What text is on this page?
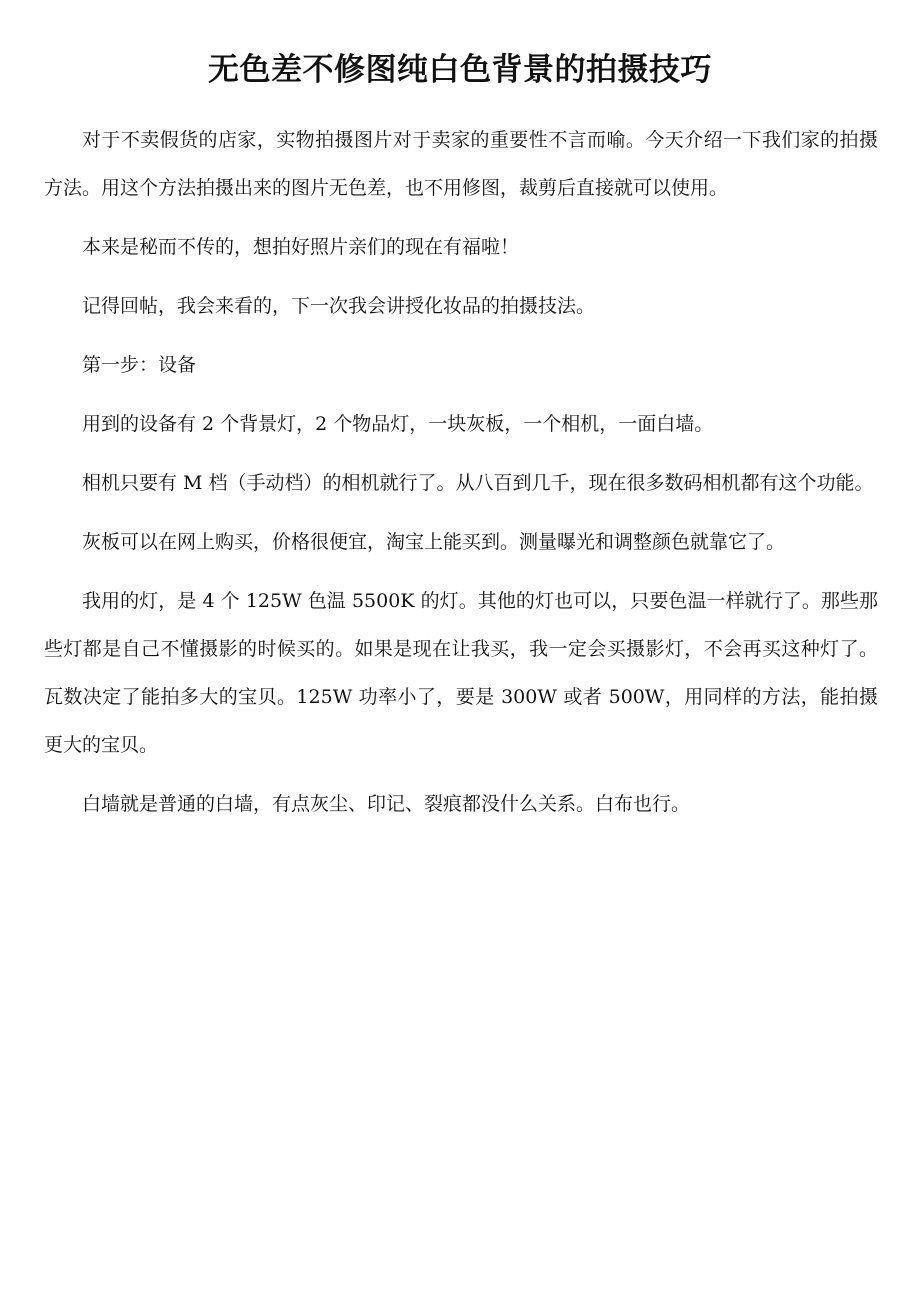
无色差不修图纯白色背景的拍摄技巧

对于不卖假货的店家，实物拍摄图片对于卖家的重要性不言而喻。今天介绍一下我们家的拍摄方法。用这个方法拍摄出来的图片无色差，也不用修图，裁剪后直接就可以使用。

本来是秘而不传的，想拍好照片亲们的现在有福啦！

记得回帖，我会来看的，下一次我会讲授化妆品的拍摄技法。

第一步：设备

用到的设备有 2 个背景灯，2 个物品灯，一块灰板，一个相机，一面白墙。

相机只要有 M 档（手动档）的相机就行了。从八百到几千，现在很多数码相机都有这个功能。

灰板可以在网上购买，价格很便宜，淘宝上能买到。测量曝光和调整颜色就靠它了。

我用的灯，是 4 个 125W 色温 5500K 的灯。其他的灯也可以，只要色温一样就行了。那些那些灯都是自己不懂摄影的时候买的。如果是现在让我买，我一定会买摄影灯，不会再买这种灯了。瓦数决定了能拍多大的宝贝。125W 功率小了，要是 300W 或者 500W，用同样的方法，能拍摄更大的宝贝。

白墙就是普通的白墙，有点灰尘、印记、裂痕都没什么关系。白布也行。
